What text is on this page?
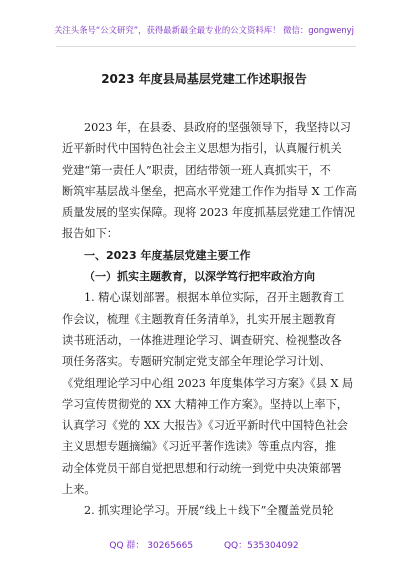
关注头条号“公文研究”，获得最新最全最专业的公文资料库！ 微信：gongwenyj
2023 年度县局基层党建工作述职报告
2023 年，在县委、县政府的坚强领导下，我坚持以习
近平新时代中国特色社会主义思想为指引，认真履行机关
党建“第一责任人”职责，团结带领一班人真抓实干，不
断筑牢基层战斗堡垒，把高水平党建工作作为指导 X 工作高
质量发展的坚实保障。现将 2023 年度抓基层党建工作情况
报告如下：
一、2023 年度基层党建主要工作
（一）抓实主题教育，以深学笃行把牢政治方向
1. 精心谋划部署。根据本单位实际，召开主题教育工
作会议，梳理《主题教育任务清单》，扎实开展主题教育
读书班活动，一体推进理论学习、调查研究、检视整改各
项任务落实。专题研究制定党支部全年理论学习计划、
《党组理论学习中心组 2023 年度集体学习方案》《县 X 局
学习宣传贯彻党的 XX 大精神工作方案》。坚持以上率下，
认真学习《党的 XX 大报告》《习近平新时代中国特色社会
主义思想专题摘编》《习近平著作选读》等重点内容，推
动全体党员干部自觉把思想和行动统一到党中央决策部署
上来。
2. 抓实理论学习。开展“线上＋线下”全覆盖党员轮
QQ 群： 30265665	QQ：535304092
